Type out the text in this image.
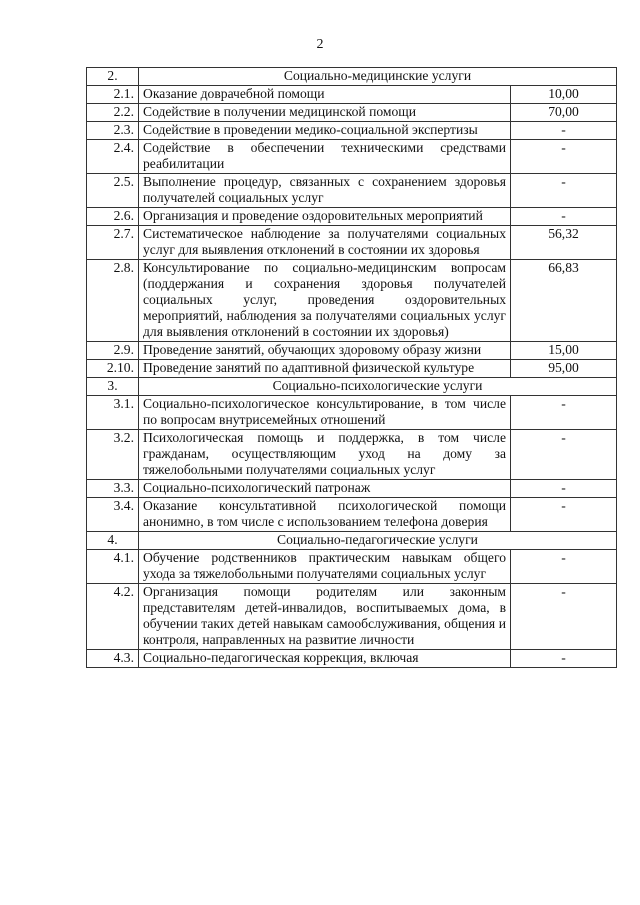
2
2.	Социально-медицинские услуги	
2.1.	Оказание доврачебной помощи	10,00
2.2.	Содействие в получении медицинской помощи	70,00
2.3.	Содействие в проведении медико-социальной экспертизы	-
2.4.	Содействие в обеспечении техническими средствами реабилитации	-
2.5.	Выполнение процедур, связанных с сохранением здоровья получателей социальных услуг	-
2.6.	Организация и проведение оздоровительных мероприятий	-
2.7.	Систематическое наблюдение за получателями социальных услуг для выявления отклонений в состоянии их здоровья	56,32
2.8.	Консультирование по социально-медицинским вопросам (поддержания и сохранения здоровья получателей социальных услуг, проведения оздоровительных мероприятий, наблюдения за получателями социальных услуг для выявления отклонений в состоянии их здоровья)	66,83
2.9.	Проведение занятий, обучающих здоровому образу жизни	15,00
2.10.	Проведение занятий по адаптивной физической культуре	95,00
3.	Социально-психологические услуги	
3.1.	Социально-психологическое консультирование, в том числе по вопросам внутрисемейных отношений	-
3.2.	Психологическая помощь и поддержка, в том числе гражданам, осуществляющим уход на дому за тяжелобольными получателями социальных услуг	-
3.3.	Социально-психологический патронаж	-
3.4.	Оказание консультативной психологической помощи анонимно, в том числе с использованием телефона доверия	-
4.	Социально-педагогические услуги	
4.1.	Обучение родственников практическим навыкам общего ухода за тяжелобольными получателями социальных услуг	-
4.2.	Организация помощи родителям или законным представителям детей-инвалидов, воспитываемых дома, в обучении таких детей навыкам самообслуживания, общения и контроля, направленных на развитие личности	-
4.3.	Социально-педагогическая коррекция, включая	-
